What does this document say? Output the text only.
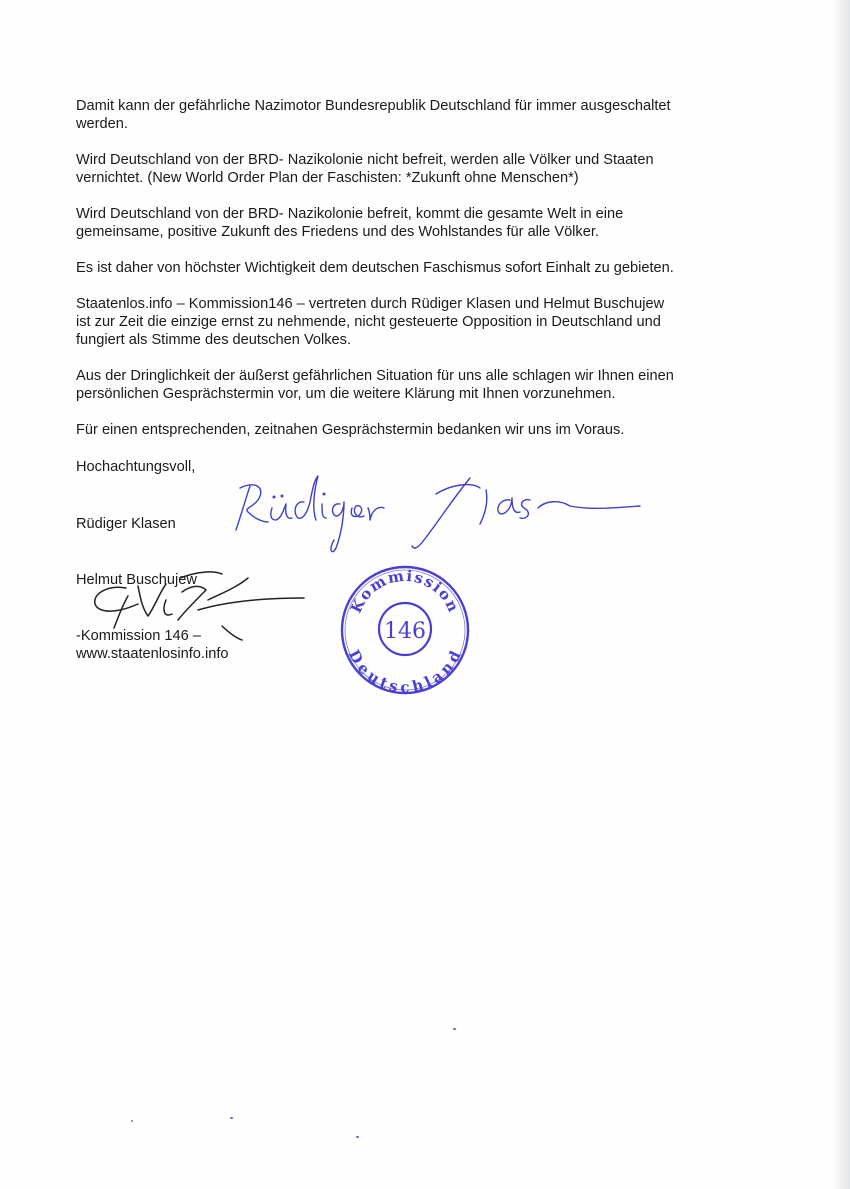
Damit kann der gefährliche Nazimotor Bundesrepublik Deutschland für immer ausgeschaltet
werden.

Wird Deutschland von der BRD- Nazikolonie nicht befreit, werden alle Völker und Staaten
vernichtet. (New World Order Plan der Faschisten: *Zukunft ohne Menschen*)

Wird Deutschland von der BRD- Nazikolonie befreit, kommt die gesamte Welt in eine
gemeinsame, positive Zukunft des Friedens und des Wohlstandes für alle Völker.

Es ist daher von höchster Wichtigkeit dem deutschen Faschismus sofort Einhalt zu gebieten.

Staatenlos.info – Kommission146 – vertreten durch Rüdiger Klasen und Helmut Buschujew
ist zur Zeit die einzige ernst zu nehmende, nicht gesteuerte Opposition in Deutschland und
fungiert als Stimme des deutschen Volkes.

Aus der Dringlichkeit der äußerst gefährlichen Situation für uns alle schlagen wir Ihnen einen
persönlichen Gesprächstermin vor, um die weitere Klärung mit Ihnen vorzunehmen.

Für einen entsprechenden, zeitnahen Gesprächstermin bedanken wir uns im Voraus.

Hochachtungsvoll,
Rüdiger Klasen
Helmut Buschujew
-Kommission 146 –
www.staatenlosinfo.info
Kommission
Deutschland
146
